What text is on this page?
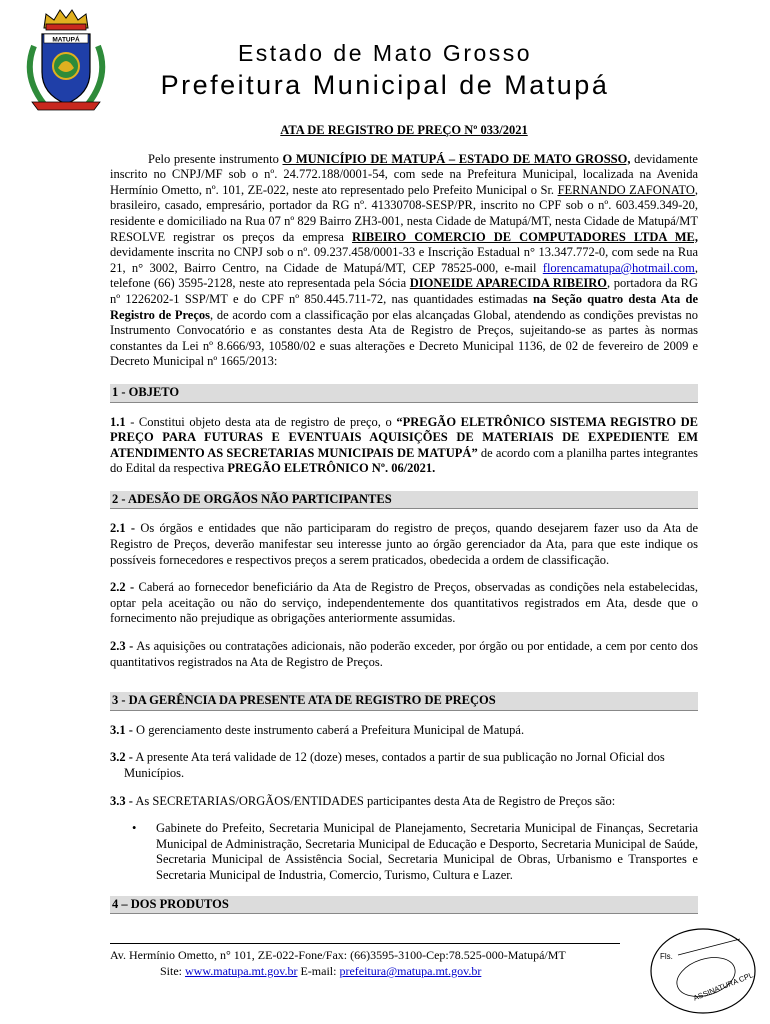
MATUPÁ	Estado de Mato Grosso
Prefeitura Municipal de Matupá
ATA DE REGISTRO DE PREÇO Nº 033/2021

Pelo presente instrumento O MUNICÍPIO DE MATUPÁ – ESTADO DE MATO GROSSO, devidamente inscrito no CNPJ/MF sob o nº. 24.772.188/0001-54, com sede na Prefeitura Municipal, localizada na Avenida Hermínio Ometto, nº. 101, ZE-022, neste ato representado pelo Prefeito Municipal o Sr. FERNANDO ZAFONATO, brasileiro, casado, empresário, portador da RG nº. 41330708-SESP/PR, inscrito no CPF sob o nº. 603.459.349-20, residente e domiciliado na Rua 07 nº 829 Bairro ZH3-001, nesta Cidade de Matupá/MT, nesta Cidade de Matupá/MT RESOLVE registrar os preços da empresa RIBEIRO COMERCIO DE COMPUTADORES LTDA ME, devidamente inscrita no CNPJ sob o nº. 09.237.458/0001-33 e Inscrição Estadual n° 13.347.772-0, com sede na Rua 21, n° 3002, Bairro Centro, na Cidade de Matupá/MT, CEP 78525-000, e-mail florencamatupa@hotmail.com, telefone (66) 3595-2128, neste ato representada pela Sócia DIONEIDE APARECIDA RIBEIRO, portadora da RG nº 1226202-1 SSP/MT e do CPF nº 850.445.711-72, nas quantidades estimadas na Seção quatro desta Ata de Registro de Preços, de acordo com a classificação por elas alcançadas Global, atendendo as condições previstas no Instrumento Convocatório e as constantes desta Ata de Registro de Preços, sujeitando-se as partes às normas constantes da Lei nº 8.666/93, 10580/02 e suas alterações e Decreto Municipal 1136, de 02 de fevereiro de 2009 e Decreto Municipal nº 1665/2013:

1 - OBJETO

1.1 - Constitui objeto desta ata de registro de preço, o “PREGÃO ELETRÔNICO SISTEMA REGISTRO DE PREÇO PARA FUTURAS E EVENTUAIS AQUISIÇÕES DE MATERIAIS DE EXPEDIENTE EM ATENDIMENTO AS SECRETARIAS MUNICIPAIS DE MATUPÁ” de acordo com a planilha partes integrantes do Edital da respectiva PREGÃO ELETRÔNICO Nº. 06/2021.

2 - ADESÃO DE ORGÃOS NÃO PARTICIPANTES

2.1 - Os órgãos e entidades que não participaram do registro de preços, quando desejarem fazer uso da Ata de Registro de Preços, deverão manifestar seu interesse junto ao órgão gerenciador da Ata, para que este indique os possíveis fornecedores e respectivos preços a serem praticados, obedecida a ordem de classificação.

2.2 - Caberá ao fornecedor beneficiário da Ata de Registro de Preços, observadas as condições nela estabelecidas, optar pela aceitação ou não do serviço, independentemente dos quantitativos registrados em Ata, desde que o fornecimento não prejudique as obrigações anteriormente assumidas.

2.3 - As aquisições ou contratações adicionais, não poderão exceder, por órgão ou por entidade, a cem por cento dos quantitativos registrados na Ata de Registro de Preços.

3 - DA GERÊNCIA DA PRESENTE ATA DE REGISTRO DE PREÇOS

3.1 - O gerenciamento deste instrumento caberá a Prefeitura Municipal de Matupá.

3.2 - A presente Ata terá validade de 12 (doze) meses, contados a partir de sua publicação no Jornal Oficial dos Municípios.

3.3 - As SECRETARIAS/ORGÃOS/ENTIDADES participantes desta Ata de Registro de Preços são:

• Gabinete do Prefeito, Secretaria Municipal de Planejamento, Secretaria Municipal de Finanças, Secretaria Municipal de Administração, Secretaria Municipal de Educação e Desporto, Secretaria Municipal de Saúde, Secretaria Municipal de Assistência Social, Secretaria Municipal de Obras, Urbanismo e Transportes e Secretaria Municipal de Industria, Comercio, Turismo, Cultura e Lazer.

4 – DOS PRODUTOS
Av. Hermínio Ometto, n° 101, ZE-022-Fone/Fax: (66)3595-3100-Cep:78.525-000-Matupá/MT
Site: www.matupa.mt.gov.br E-mail: prefeitura@matupa.mt.gov.br
Fls.
ASSINATURA CPL
